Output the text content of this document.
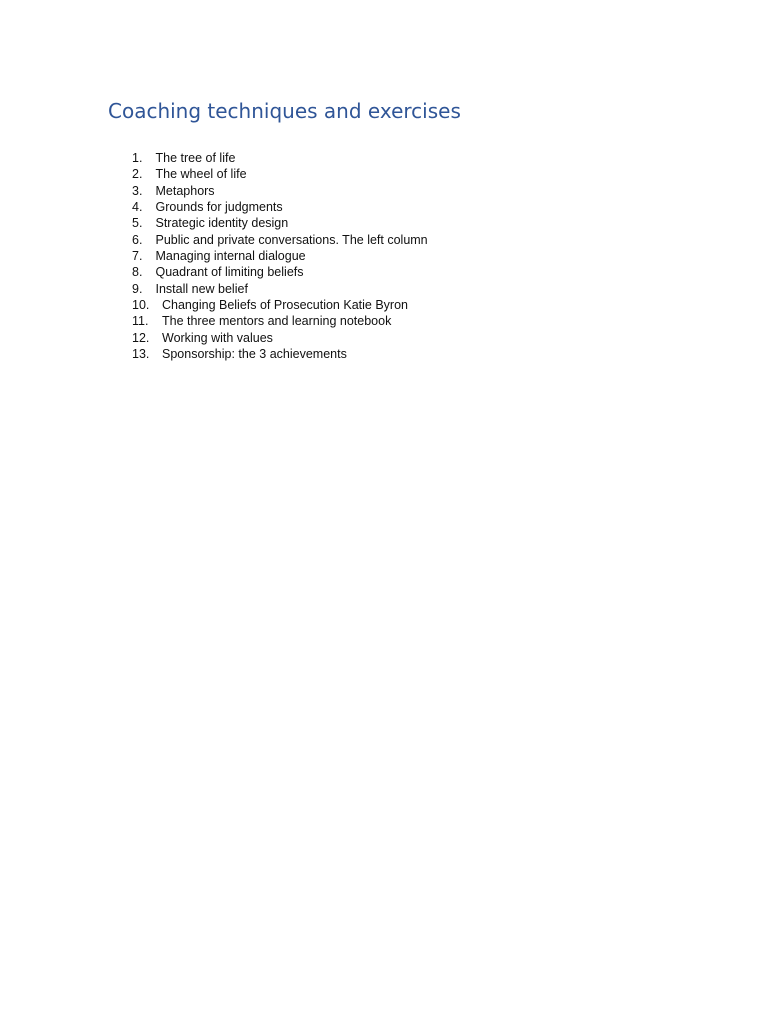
Coaching techniques and exercises
1. The tree of life
2. The wheel of life
3. Metaphors
4. Grounds for judgments
5. Strategic identity design
6. Public and private conversations. The left column
7. Managing internal dialogue
8. Quadrant of limiting beliefs
9. Install new belief
10. Changing Beliefs of Prosecution Katie Byron
11. The three mentors and learning notebook
12. Working with values
13. Sponsorship: the 3 achievements
